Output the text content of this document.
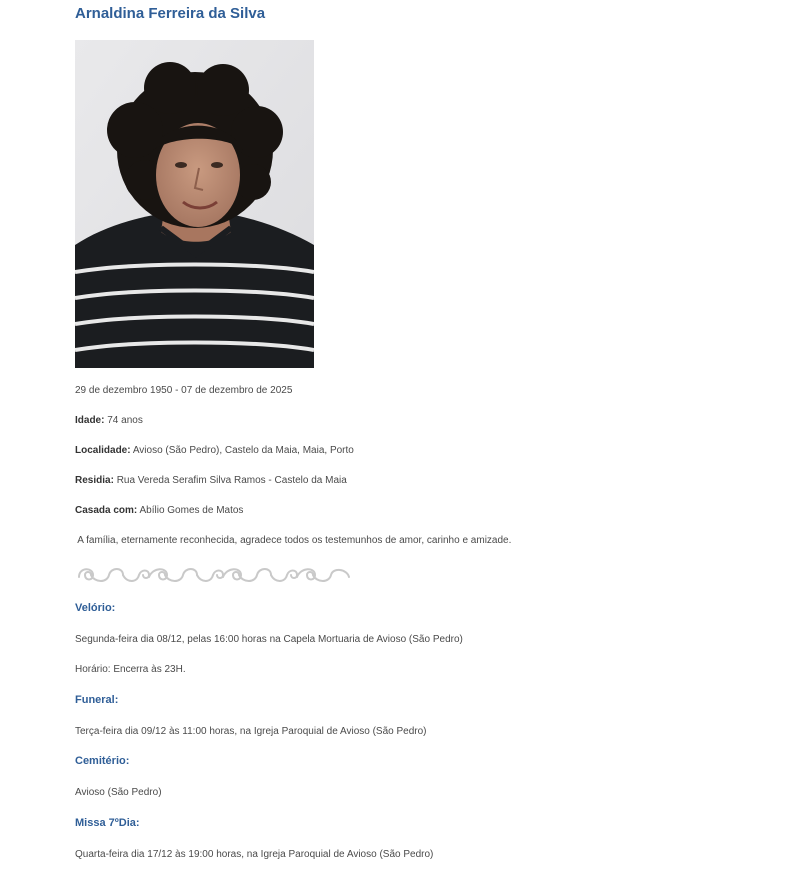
Arnaldina Ferreira da Silva
29 de dezembro 1950 - 07 de dezembro de 2025
Idade: 74 anos
Localidade: Avioso (São Pedro), Castelo da Maia, Maia, Porto
Residia: Rua Vereda Serafim Silva Ramos - Castelo da Maia
Casada com: Abílio Gomes de Matos
A família, eternamente reconhecida, agradece todos os testemunhos de amor, carinho e amizade.
Velório:
Segunda-feira dia 08/12, pelas 16:00 horas na Capela Mortuaria de Avioso (São Pedro)
Horário: Encerra às 23H.
Funeral:
Terça-feira dia 09/12 às 11:00 horas, na Igreja Paroquial de Avioso (São Pedro)
Cemitério:
Avioso (São Pedro)
Missa 7ºDia:
Quarta-feira dia 17/12 às 19:00 horas, na Igreja Paroquial de Avioso (São Pedro)
